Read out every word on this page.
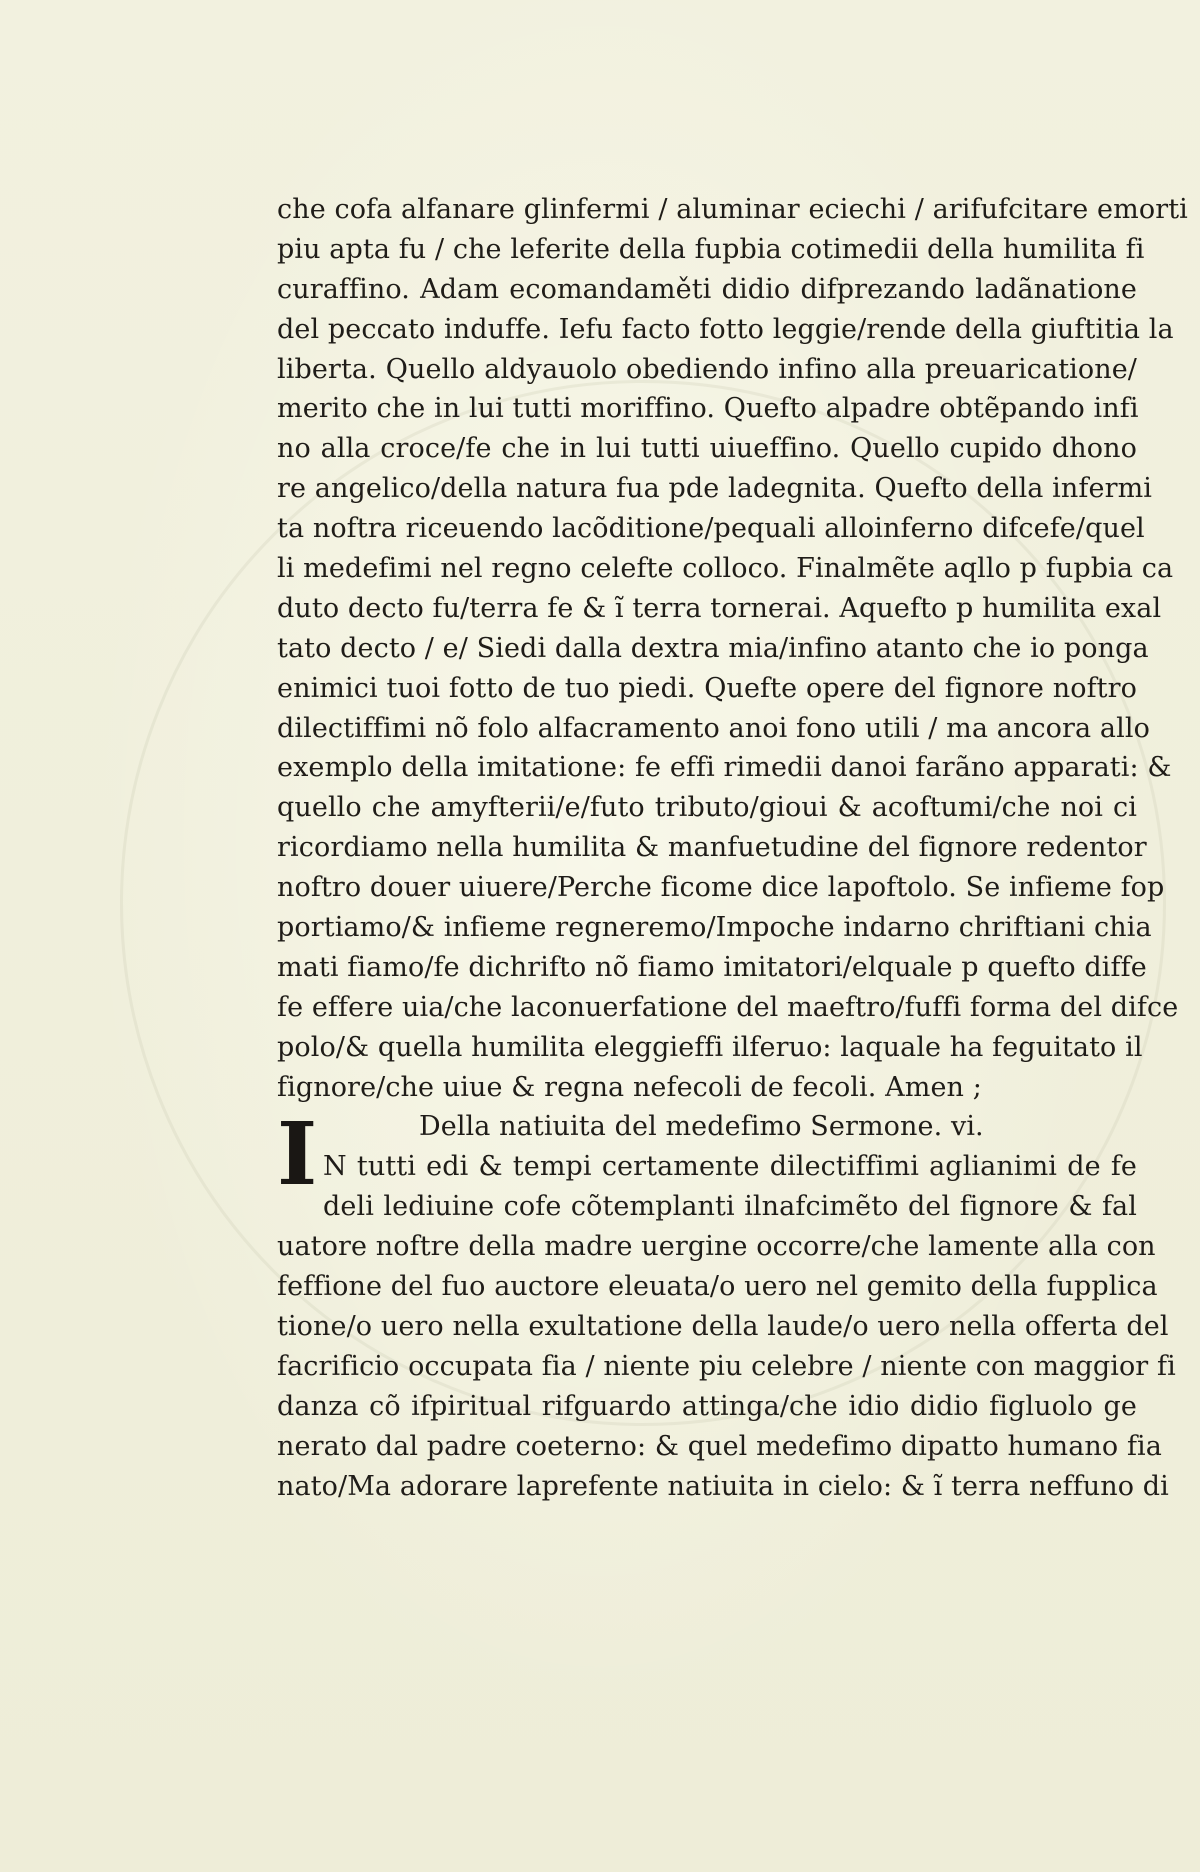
che cofa alfanare glinfermi / aluminar eciechi / arifufcitare emorti
piu apta fu / che leferite della fupbia cotimedii della humilita fi
curaffino. Adam ecomandaměti didio difprezando ladãnatione
del peccato induffe. Iefu facto fotto leggie/rende della giuftitia la
liberta. Quello aldyauolo obediendo infino alla preuaricatione/
merito che in lui tutti moriffino. Quefto alpadre obtẽpando infi
no alla croce/fe che in lui tutti uiueffino. Quello cupido dhono
re angelico/della natura fua pde ladegnita. Quefto della infermi
ta noftra riceuendo lacõditione/pequali alloinferno difcefe/quel
li medefimi nel regno celefte colloco. Finalmẽte aqllo p fupbia ca
duto decto fu/terra fe & ĩ terra tornerai. Aquefto p humilita exal
tato decto / e/ Siedi dalla dextra mia/infino atanto che io ponga
enimici tuoi fotto de tuo piedi. Quefte opere del fignore noftro
dilectiffimi nõ folo alfacramento anoi fono utili / ma ancora allo
exemplo della imitatione: fe effi rimedii danoi farãno apparati: &
quello che amyfterii/e/futo tributo/gioui & acoftumi/che noi ci
ricordiamo nella humilita & manfuetudine del fignore redentor
noftro douer uiuere/Perche ficome dice lapoftolo. Se infieme fop
portiamo/& infieme regneremo/Impoche indarno chriftiani chia
mati fiamo/fe dichrifto nõ fiamo imitatori/elquale p quefto diffe
fe effere uia/che laconuerfatione del maeftro/fuffi forma del difce
polo/& quella humilita eleggieffi ilferuo: laquale ha feguitato il
fignore/che uiue & regna nefecoli de fecoli. Amen ;
Della natiuita del medefimo Sermone. vi.
N tutti edi & tempi certamente dilectiffimi aglianimi de fe
deli lediuine cofe cõtemplanti ilnafcimẽto del fignore & fal
uatore noftre della madre uergine occorre/che lamente alla con
feffione del fuo auctore eleuata/o uero nel gemito della fupplica
tione/o uero nella exultatione della laude/o uero nella offerta del
facrificio occupata fia / niente piu celebre / niente con maggior fi
danza cõ ifpiritual rifguardo attinga/che idio didio figluolo ge
nerato dal padre coeterno: & quel medefimo dipatto humano fia
nato/Ma adorare laprefente natiuita in cielo: & ĩ terra neffuno di
I
